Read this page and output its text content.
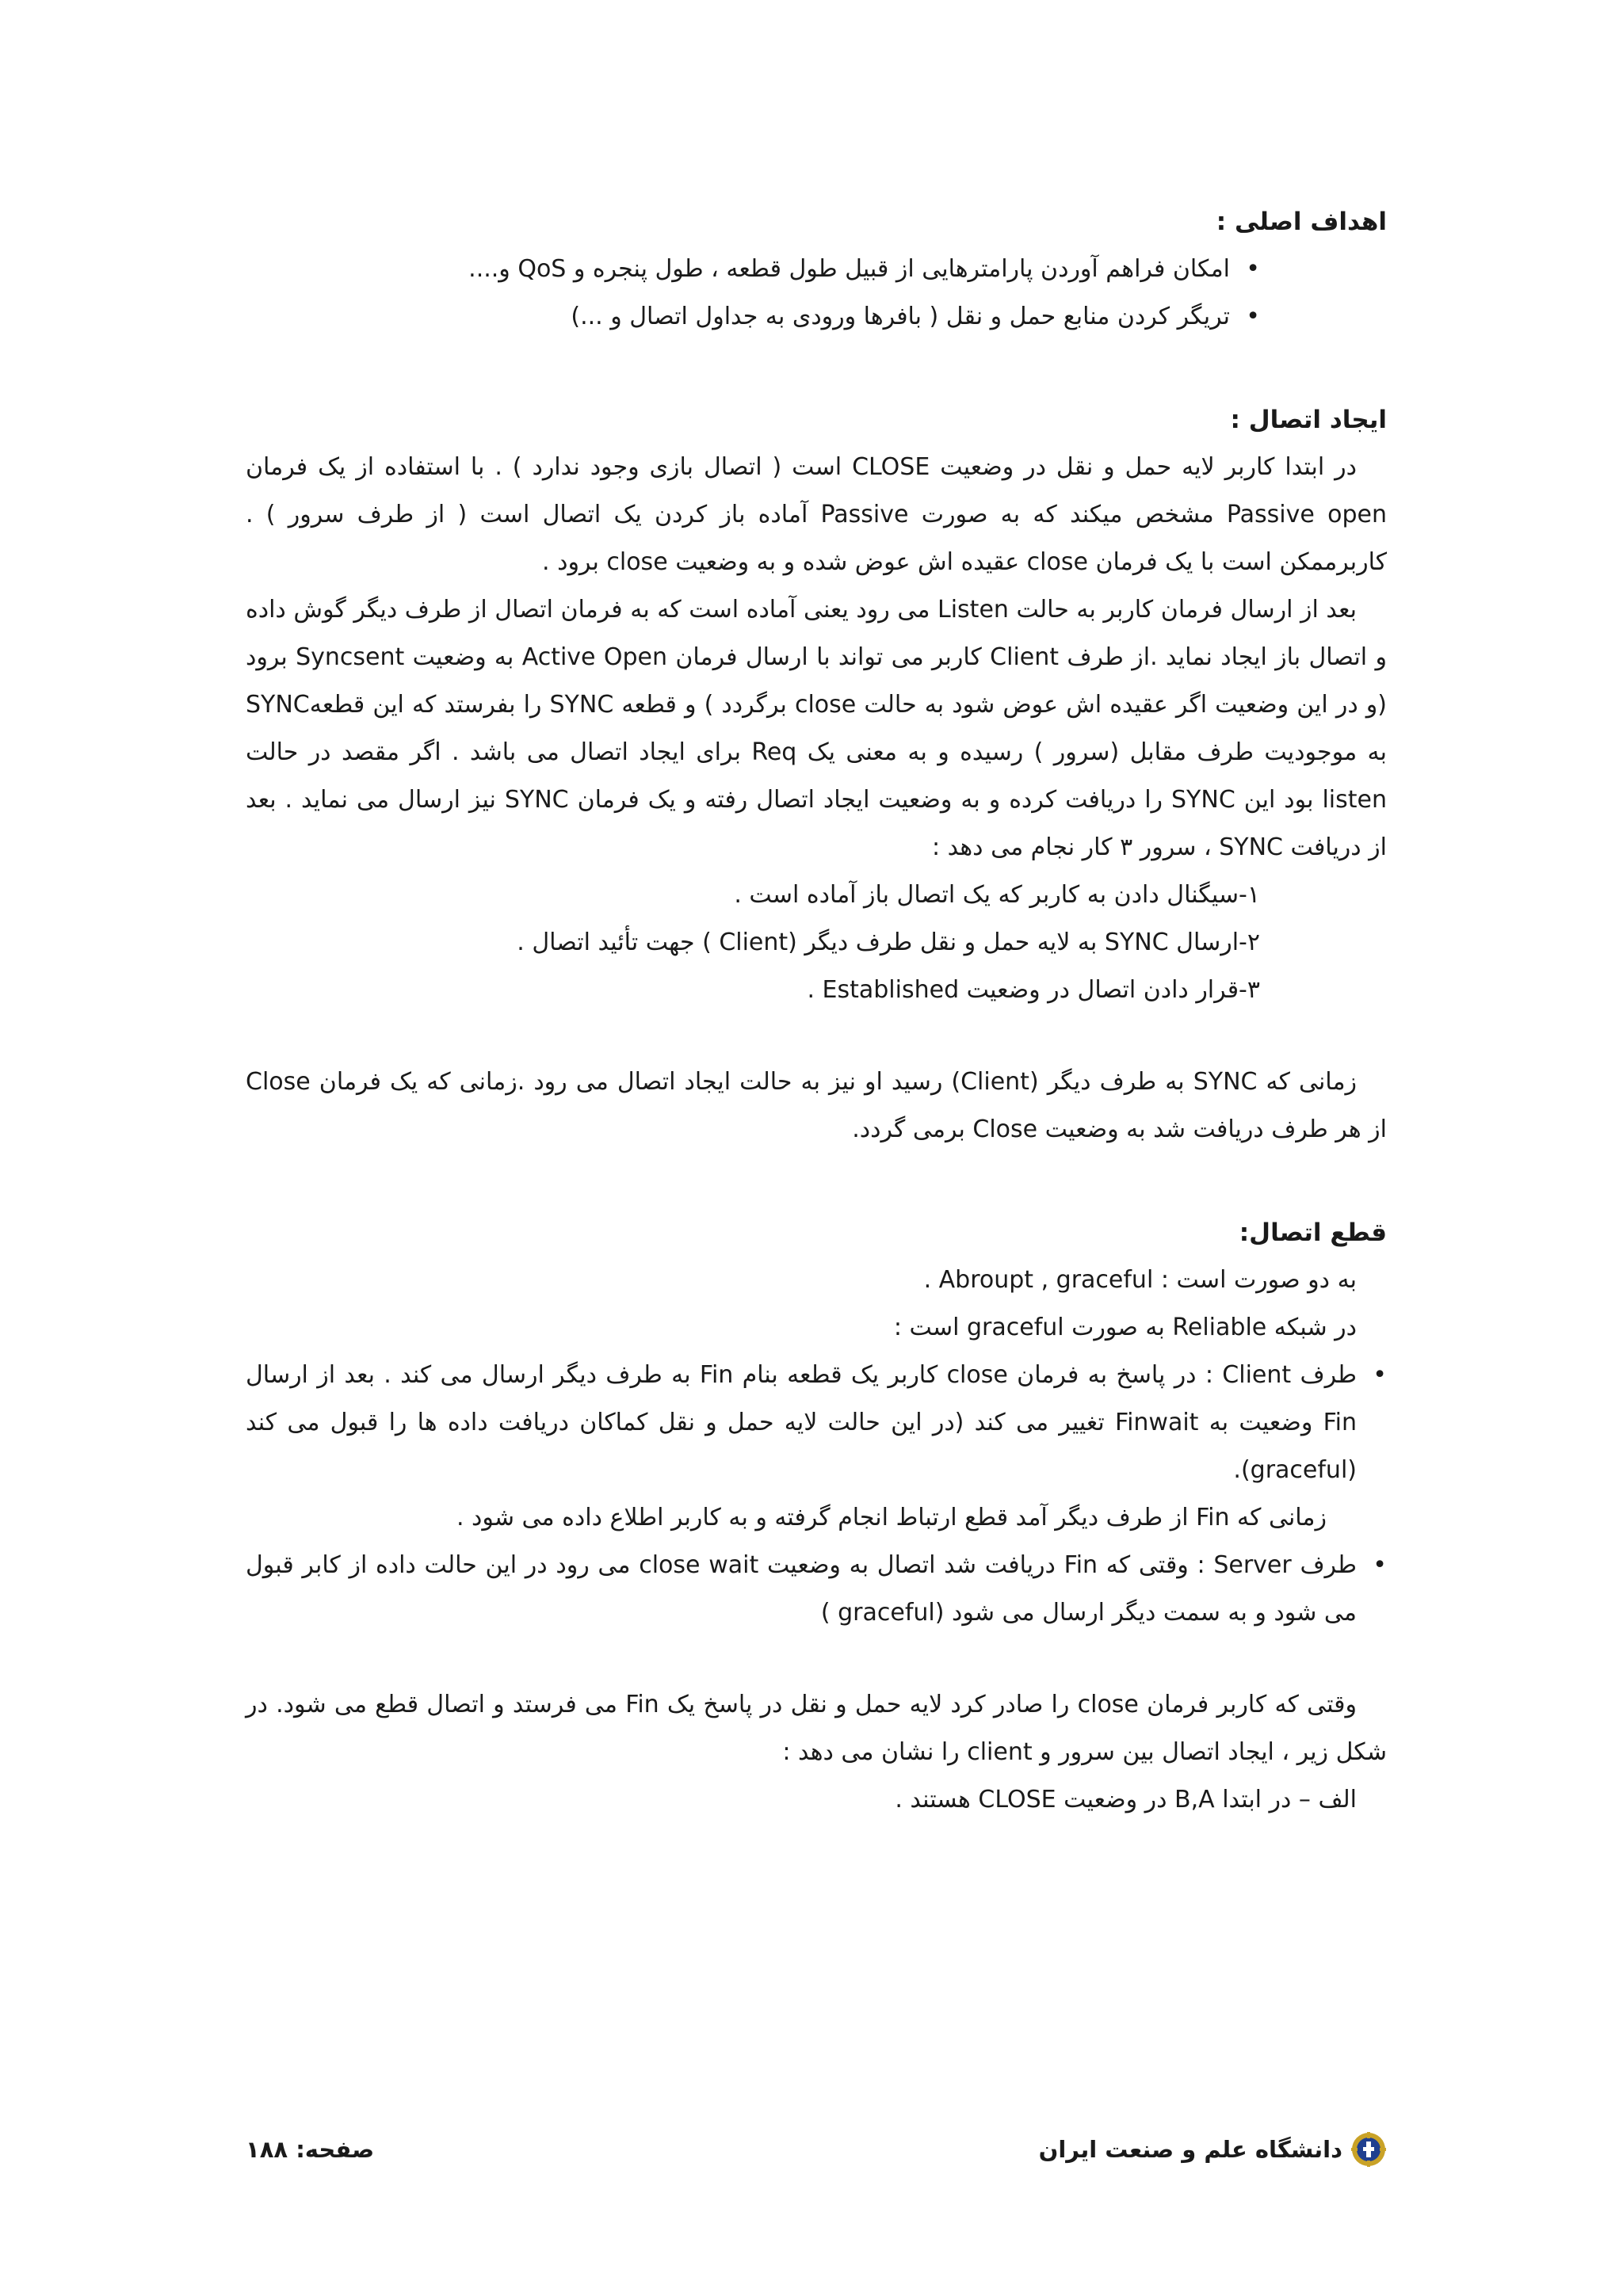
اهداف اصلی :

•
امکان فراهم آوردن پارامترهایی از قبیل طول قطعه ، طول پنجره و QoS و....
•
تریگر کردن منابع حمل و نقل ( بافرها ورودی به جداول اتصال و ...)

ایجاد اتصال :

در ابتدا کاربر لایه حمل و نقل در وضعیت CLOSE است ( اتصال بازی وجود ندارد ) . با استفاده از یک فرمان Passive open مشخص میکند که به صورت Passive آماده باز کردن یک اتصال است ( از طرف سرور ) . کاربرممکن است با یک فرمان close عقیده اش عوض شده و به وضعیت close برود .

بعد از ارسال فرمان کاربر به حالت Listen می رود یعنی آماده است که به فرمان اتصال از طرف دیگر گوش داده و اتصال باز ایجاد نماید .از طرف Client کاربر می تواند با ارسال فرمان Active Open به وضعیت Syncsent برود (و در این وضعیت اگر عقیده اش عوض شود به حالت close برگردد ) و قطعه SYNC را بفرستد که این قطعهSYNC به موجودیت طرف مقابل (سرور ) رسیده و به معنی یک Req برای ایجاد اتصال می باشد . اگر مقصد در حالت listen بود این SYNC را دریافت کرده و به وضعیت ایجاد اتصال رفته و یک فرمان SYNC نیز ارسال می نماید . بعد از دریافت SYNC ، سرور ۳ کار نجام می دهد :

۱-سیگنال دادن به کاربر که یک اتصال باز آماده است .
۲-ارسال SYNC به لایه حمل و نقل طرف دیگر (Client ) جهت تأئید اتصال .
۳-قرار دادن اتصال در وضعیت Established .

زمانی که SYNC به طرف دیگر (Client) رسید او نیز به حالت ایجاد اتصال می رود .زمانی که یک فرمان Close از هر طرف دریافت شد به وضعیت Close برمی گردد.

قطع اتصال:

به دو صورت است : Abroupt , graceful .

در شبکه Reliable به صورت graceful است :

•
طرف Client : در پاسخ به فرمان close کاربر یک قطعه بنام Fin به طرف دیگر ارسال می کند . بعد از ارسال Fin وضعیت به Finwait تغییر می کند (در این حالت لایه حمل و نقل کماکان دریافت داده ها را قبول می کند (graceful).

زمانی که Fin از طرف دیگر آمد قطع ارتباط انجام گرفته و به کاربر اطلاع داده می شود .

•
طرف Server : وقتی که Fin دریافت شد اتصال به وضعیت close wait می رود در این حالت داده از کابر قبول می شود و به سمت دیگر ارسال می شود (graceful )

وقتی که کاربر فرمان close را صادر کرد لایه حمل و نقل در پاسخ یک Fin می فرستد و اتصال قطع می شود. در شکل زیر ، ایجاد اتصال بین سرور و client را نشان می دهد :

الف – در ابتدا B,A در وضعیت CLOSE هستند .

دانشگاه علم و صنعت ایران
صفحه: ۱۸۸
